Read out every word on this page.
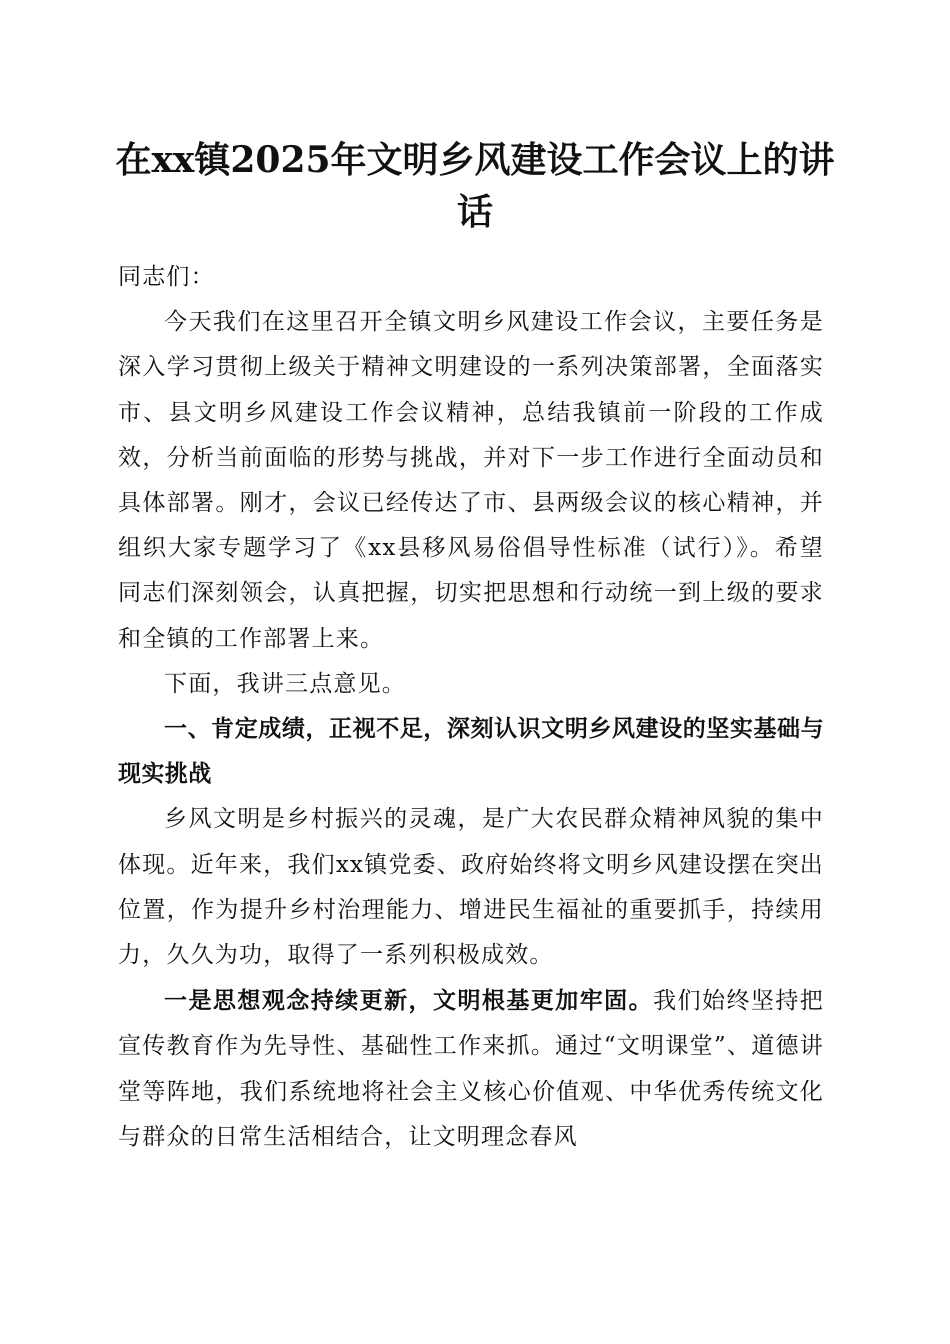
在xx镇2025年文明乡风建设工作会议上的讲话

同志们：

今天我们在这里召开全镇文明乡风建设工作会议，主要任务是深入学习贯彻上级关于精神文明建设的一系列决策部署，全面落实市、县文明乡风建设工作会议精神，总结我镇前一阶段的工作成效，分析当前面临的形势与挑战，并对下一步工作进行全面动员和具体部署。刚才，会议已经传达了市、县两级会议的核心精神，并组织大家专题学习了《xx县移风易俗倡导性标准（试行）》。希望同志们深刻领会，认真把握，切实把思想和行动统一到上级的要求和全镇的工作部署上来。

下面，我讲三点意见。

一、肯定成绩，正视不足，深刻认识文明乡风建设的坚实基础与现实挑战

乡风文明是乡村振兴的灵魂，是广大农民群众精神风貌的集中体现。近年来，我们xx镇党委、政府始终将文明乡风建设摆在突出位置，作为提升乡村治理能力、增进民生福祉的重要抓手，持续用力，久久为功，取得了一系列积极成效。

一是思想观念持续更新，文明根基更加牢固。我们始终坚持把宣传教育作为先导性、基础性工作来抓。通过“文明课堂”、道德讲堂等阵地，我们系统地将社会主义核心价值观、中华优秀传统文化与群众的日常生活相结合，让文明理念春风
